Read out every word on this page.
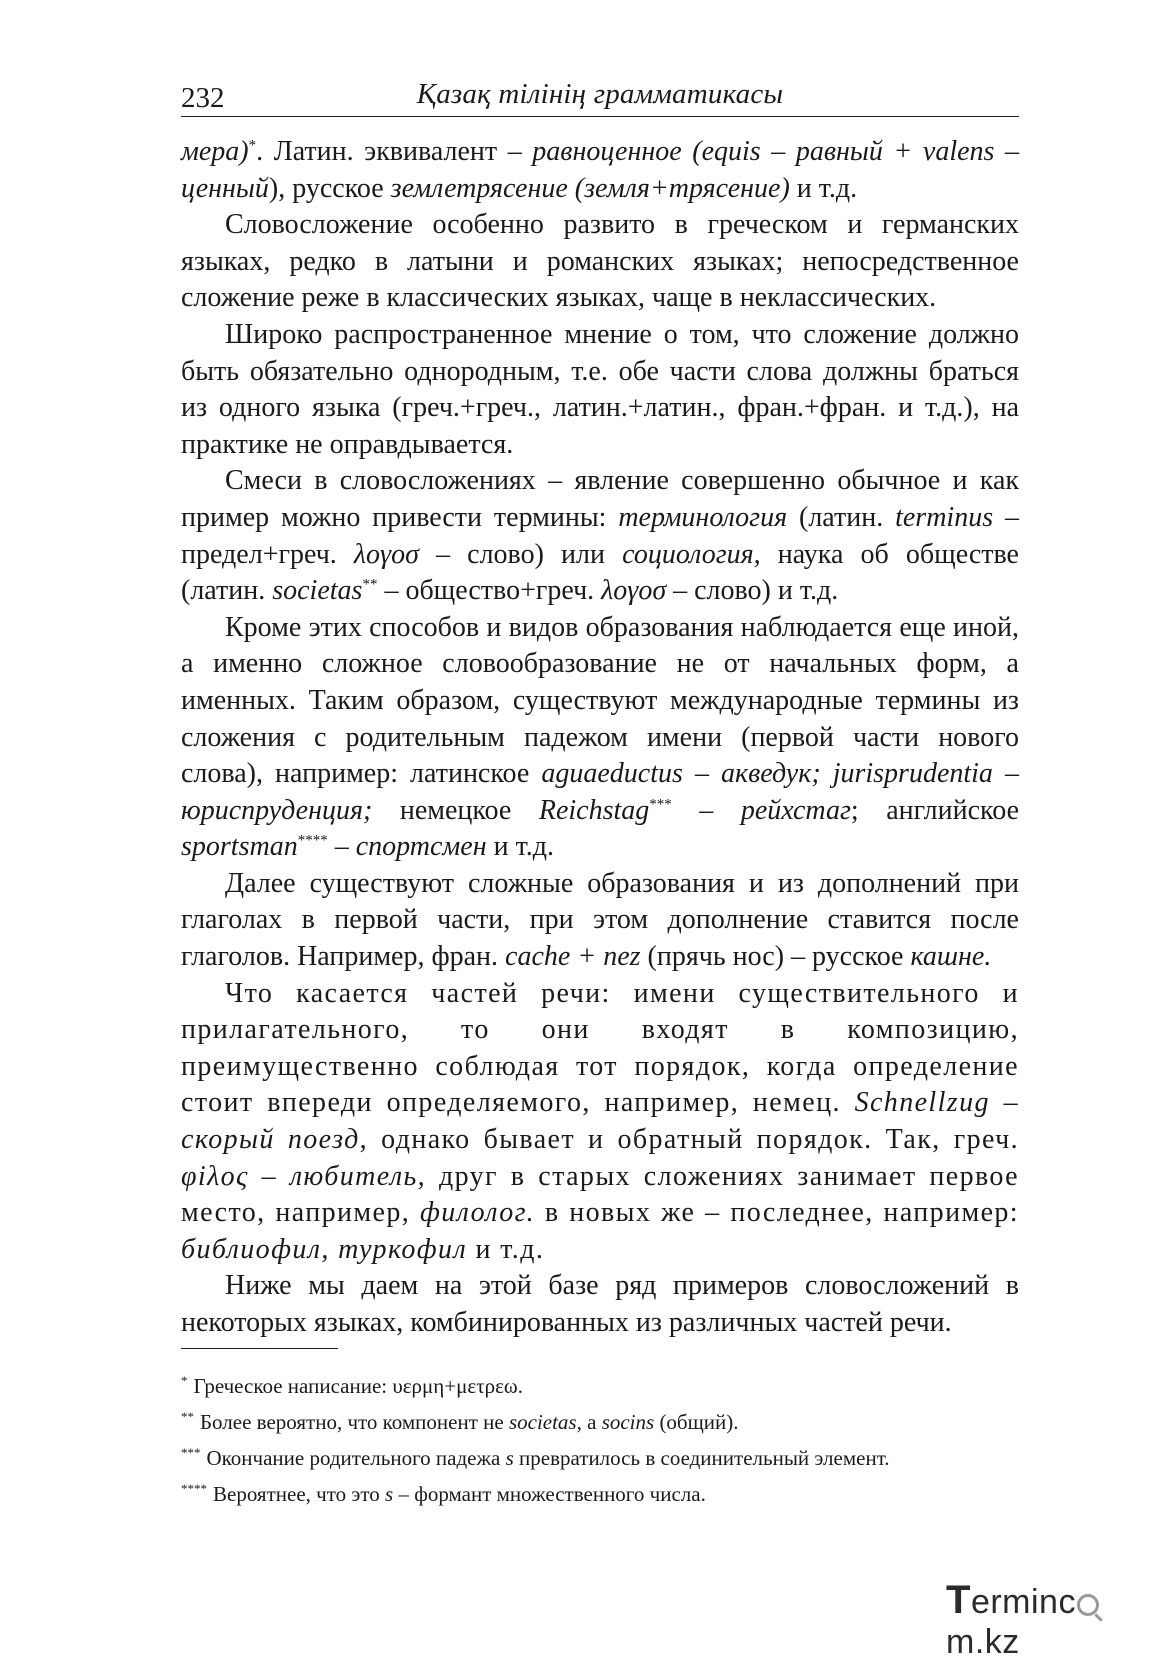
232	Қазақ тілінің грамматикасы

мера)*. Латин. эквивалент – равноценное (equis – равный + valens – ценный), русское землетрясение (земля+трясение) и т.д.

Словосложение особенно развито в греческом и германских языках, редко в латыни и романских языках; непосредственное сложение реже в классических языках, чаще в неклассических.

Широко распространенное мнение о том, что сложение должно быть обязательно однородным, т.е. обе части слова должны браться из одного языка (греч.+греч., латин.+латин., фран.+фран. и т.д.), на практике не оправдывается.

Смеси в словосложениях – явление совершенно обычное и как пример можно привести термины: терминология (латин. terminus – предел+греч. λογοσ – слово) или социология, наука об обществе (латин. societas** – общество+греч. λογοσ – слово) и т.д.

Кроме этих способов и видов образования наблюдается еще иной, а именно сложное словообразование не от начальных форм, а именных. Таким образом, существуют международные термины из сложения с родительным падежом имени (первой части нового слова), например: латинское aguaeductus – акведук; jurisprudentia – юриспруденция; немецкое Reichstag*** – рейхстаг; английское sportsman**** – спортсмен и т.д.

Далее существуют сложные образования и из дополнений при глаголах в первой части, при этом дополнение ставится после глаголов. Например, фран. cache + nez (прячь нос) – русское кашне.

Что касается частей речи: имени существительного и прилагательного, то они входят в композицию, преимущественно соблюдая тот порядок, когда определение стоит впереди определяемого, например, немец. Schnellzug – скорый поезд, однако бывает и обратный порядок. Так, греч. φiλος – любитель, друг в старых сложениях занимает первое место, например, филолог. в новых же – последнее, например: библиофил, туркофил и т.д.

Ниже мы даем на этой базе ряд примеров словосложений в некоторых языках, комбинированных из различных частей речи.

* Греческое написание: υερμη+μετρεω.
** Более вероятно, что компонент не societas, а socins (общий).
*** Окончание родительного падежа s превратилось в соединительный элемент.
**** Вероятнее, что это s – формант множественного числа.
Termincm.kz
